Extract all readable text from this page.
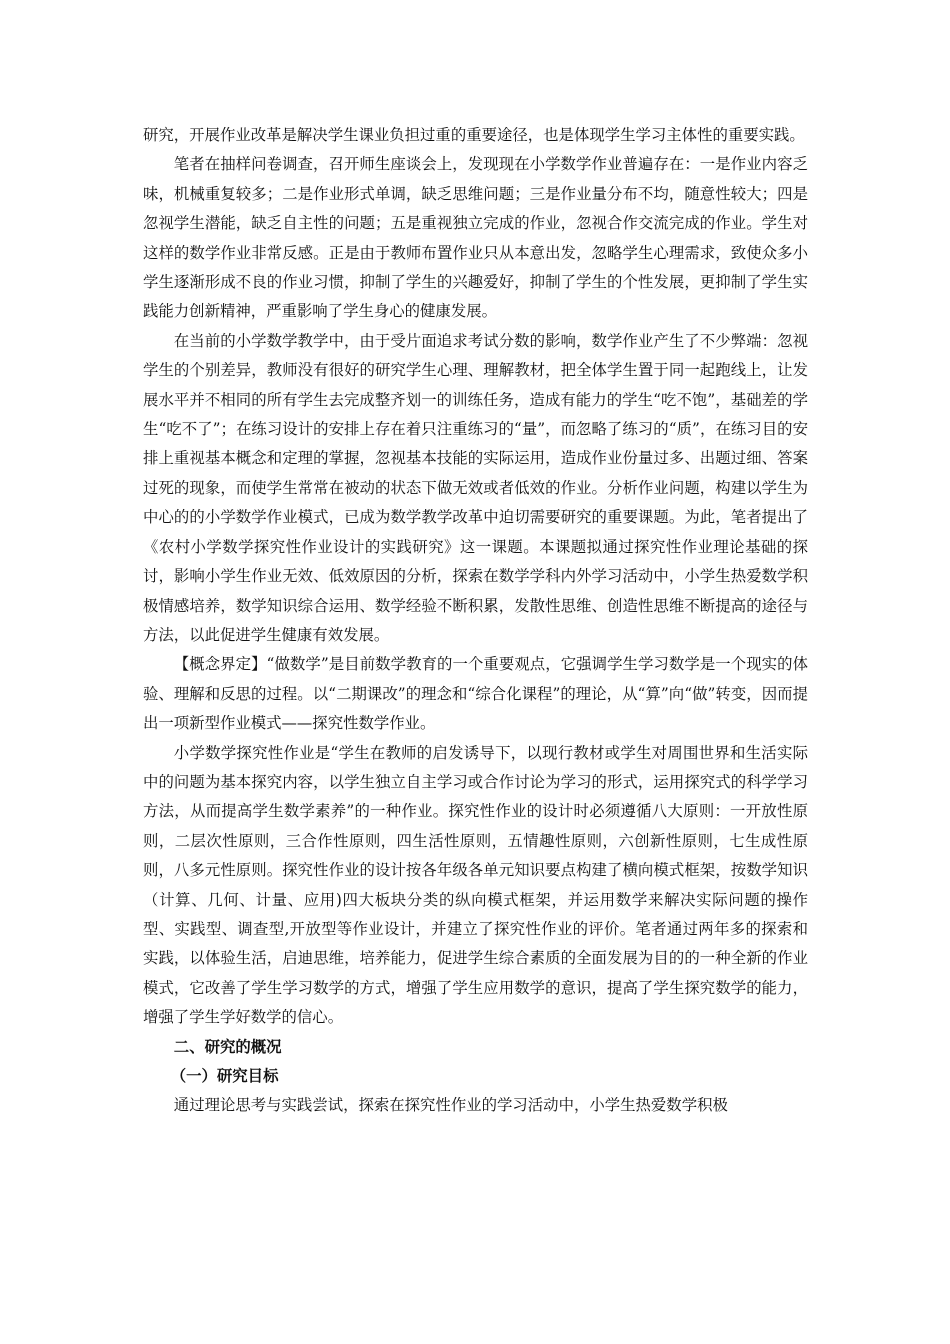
研究，开展作业改革是解决学生课业负担过重的重要途径，也是体现学生学习主体性的重要实践。

笔者在抽样问卷调查，召开师生座谈会上，发现现在小学数学作业普遍存在：一是作业内容乏味，机械重复较多；二是作业形式单调，缺乏思维问题；三是作业量分布不均，随意性较大；四是忽视学生潜能，缺乏自主性的问题；五是重视独立完成的作业，忽视合作交流完成的作业。学生对这样的数学作业非常反感。正是由于教师布置作业只从本意出发，忽略学生心理需求，致使众多小学生逐渐形成不良的作业习惯，抑制了学生的兴趣爱好，抑制了学生的个性发展，更抑制了学生实践能力创新精神，严重影响了学生身心的健康发展。

在当前的小学数学教学中，由于受片面追求考试分数的影响，数学作业产生了不少弊端：忽视学生的个别差异，教师没有很好的研究学生心理、理解教材，把全体学生置于同一起跑线上，让发展水平并不相同的所有学生去完成整齐划一的训练任务，造成有能力的学生“吃不饱”，基础差的学生“吃不了”；在练习设计的安排上存在着只注重练习的“量”，而忽略了练习的“质”，在练习目的安排上重视基本概念和定理的掌握，忽视基本技能的实际运用，造成作业份量过多、出题过细、答案过死的现象，而使学生常常在被动的状态下做无效或者低效的作业。分析作业问题，构建以学生为中心的的小学数学作业模式，已成为数学教学改革中迫切需要研究的重要课题。为此，笔者提出了《农村小学数学探究性作业设计的实践研究》这一课题。本课题拟通过探究性作业理论基础的探讨，影响小学生作业无效、低效原因的分析，探索在数学学科内外学习活动中，小学生热爱数学积极情感培养，数学知识综合运用、数学经验不断积累，发散性思维、创造性思维不断提高的途径与方法，以此促进学生健康有效发展。

【概念界定】“做数学”是目前数学教育的一个重要观点，它强调学生学习数学是一个现实的体验、理解和反思的过程。以“二期课改”的理念和“综合化课程”的理论，从“算”向“做”转变，因而提出一项新型作业模式——探究性数学作业。

小学数学探究性作业是“学生在教师的启发诱导下，以现行教材或学生对周围世界和生活实际中的问题为基本探究内容，以学生独立自主学习或合作讨论为学习的形式，运用探究式的科学学习方法，从而提高学生数学素养”的一种作业。探究性作业的设计时必须遵循八大原则：一开放性原则，二层次性原则，三合作性原则，四生活性原则，五情趣性原则，六创新性原则，七生成性原则，八多元性原则。探究性作业的设计按各年级各单元知识要点构建了横向模式框架，按数学知识（计算、几何、计量、应用)四大板块分类的纵向模式框架，并运用数学来解决实际问题的操作型、实践型、调查型,开放型等作业设计，并建立了探究性作业的评价。笔者通过两年多的探索和实践，以体验生活，启迪思维，培养能力，促进学生综合素质的全面发展为目的的一种全新的作业模式，它改善了学生学习数学的方式，增强了学生应用数学的意识，提高了学生探究数学的能力，增强了学生学好数学的信心。

二、研究的概况

（一）研究目标

通过理论思考与实践尝试，探索在探究性作业的学习活动中，小学生热爱数学积极
